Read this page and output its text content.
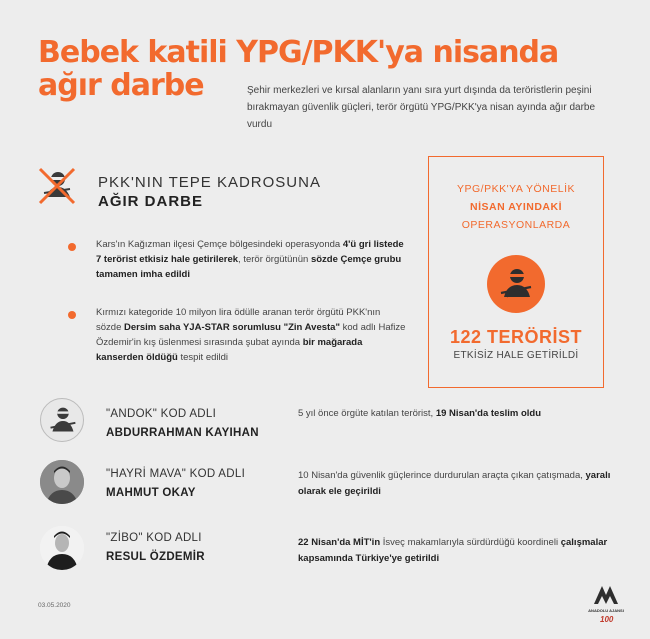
Bebek katili YPG/PKK'ya nisanda
ağır darbe	Şehir merkezleri ve kırsal alanların yanı sıra yurt dışında da teröristlerin peşini bırakmayan güvenlik güçleri, terör örgütü YPG/PKK'ya nisan ayında ağır darbe vurdu
PKK'NIN TEPE KADROSUNA
AĞIR DARBE
Kars'ın Kağızman ilçesi Çemçe bölgesindeki operasyonda 4'ü gri listede 7 terörist etkisiz hale getirilerek, terör örgütünün sözde Çemçe grubu tamamen imha edildi
Kırmızı kategoride 10 milyon lira ödülle aranan terör örgütü PKK'nın sözde Dersim saha YJA-STAR sorumlusu "Zin Avesta" kod adlı Hafize Özdemir'in kış üslenmesi sırasında şubat ayında bir mağarada kanserden öldüğü tespit edildi
YPG/PKK'YA YÖNELİK
NİSAN AYINDAKİ
OPERASYONLARDA
122 TERÖRİST
ETKİSİZ HALE GETİRİLDİ
"ANDOK" KOD ADLI
ABDURRAHMAN KAYIHAN
5 yıl önce örgüte katılan terörist, 19 Nisan'da teslim oldu
"HAYRİ MAVA" KOD ADLI
MAHMUT OKAY
10 Nisan'da güvenlik güçlerince durdurulan araçta çıkan çatışmada, yaralı olarak ele geçirildi
"ZİBO" KOD ADLI
RESUL ÖZDEMİR
22 Nisan'da MİT'in İsveç makamlarıyla sürdürdüğü koordineli çalışmalar kapsamında Türkiye'ye getirildi
03.05.2020
ANADOLU AJANSI
100
